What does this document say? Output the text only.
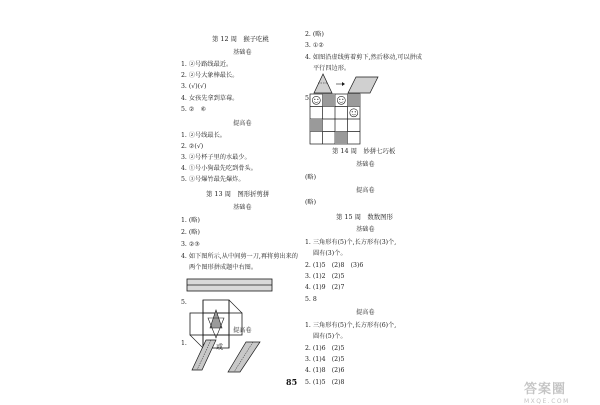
第 12 周　猴子吃桃
基础卷
1. ②号路线最近。
2. ②号大象棒最长。
3. (√)(√)
4. 女孩先拿到草莓。
5. ②　⑥
提高卷
1. ②号线最长。
2. ②(√)
3. ②号杯子里的水最少。
4. ①号小狗最先吃到骨头。
5. ③号爆竹最先爆炸。
第 13 周　图形折剪拼
基础卷
1. (略)
2. (略)
3. ②③
4. 如下图所示,从中间剪一刀,再将剪出来的
两个图形拼成题中右图。
5.
提高卷
1.	或
2. (略)
3. ①②
4. 如图沿虚线剪着剪下,然后移动,可以拼成
平行四边形。
5.
第 14 周　妙拼七巧板
基础卷
(略)
提高卷
(略)
第 15 周　数数图形
基础卷
1. 三角形有(5)个,长方形有(3)个,
圆有(3)个。
2. (1)5　(2)8　(3)6
3. (1)2　(2)5
4. (1)9　(2)7
5. 8
提高卷
1. 三角形有(5)个,长方形有(6)个,
圆有(5)个。
2. (1)6　(2)5
3. (1)4　(2)5
4. (1)8　(2)6
5. (1)5　(2)8
85	答案圈
MXQE.COM
